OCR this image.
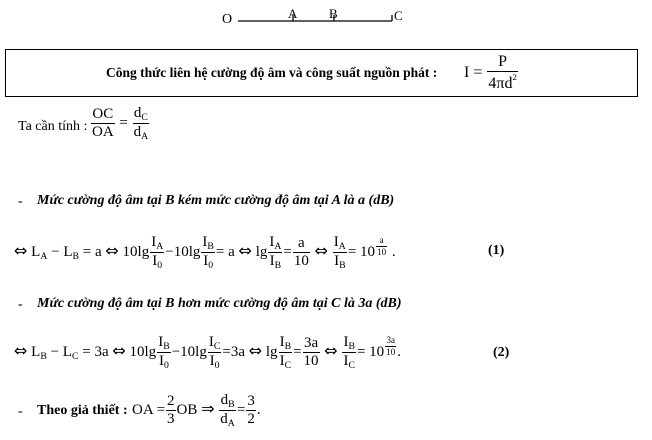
O	A B	C
Công thức liên hệ cường độ âm và công suất nguồn phát : $I = \frac{P}{4\pi d^2}$
Ta cần tính : $\frac{OC}{OA} = \frac{d_C}{d_A}$
- Mức cường độ âm tại B kém mức cường độ âm tại A là a (dB)
⇔ $L_A - L_B = a$ ⇔ $10\lg \frac{I_A}{I_0} -10\lg \frac{I_B}{I_0} = a$ ⇔ $\lg \frac{I_A}{I_B} = \frac{a}{10}$ ⇔ $\frac{I_A}{I_B} = 10$ $^{\frac{a}{10}}$ .	(1)
- Mức cường độ âm tại B hơn mức cường độ âm tại C là 3a (dB)
⇔ $L_B - L_C = 3a$ ⇔ $10\lg \frac{I_B}{I_0} -10\lg \frac{I_C}{I_0} =3a$ ⇔ $\lg \frac{I_B}{I_C} = \frac{3a}{10}$ ⇔ $\frac{I_B}{I_C} = 10$ $^{\frac{3a}{10}}$ .	(2)
- Theo giả thiết : OA = $\frac{2}{3}$ OB ⇒ $\frac{d_B}{d_A} = \frac{3}{2}$ .
